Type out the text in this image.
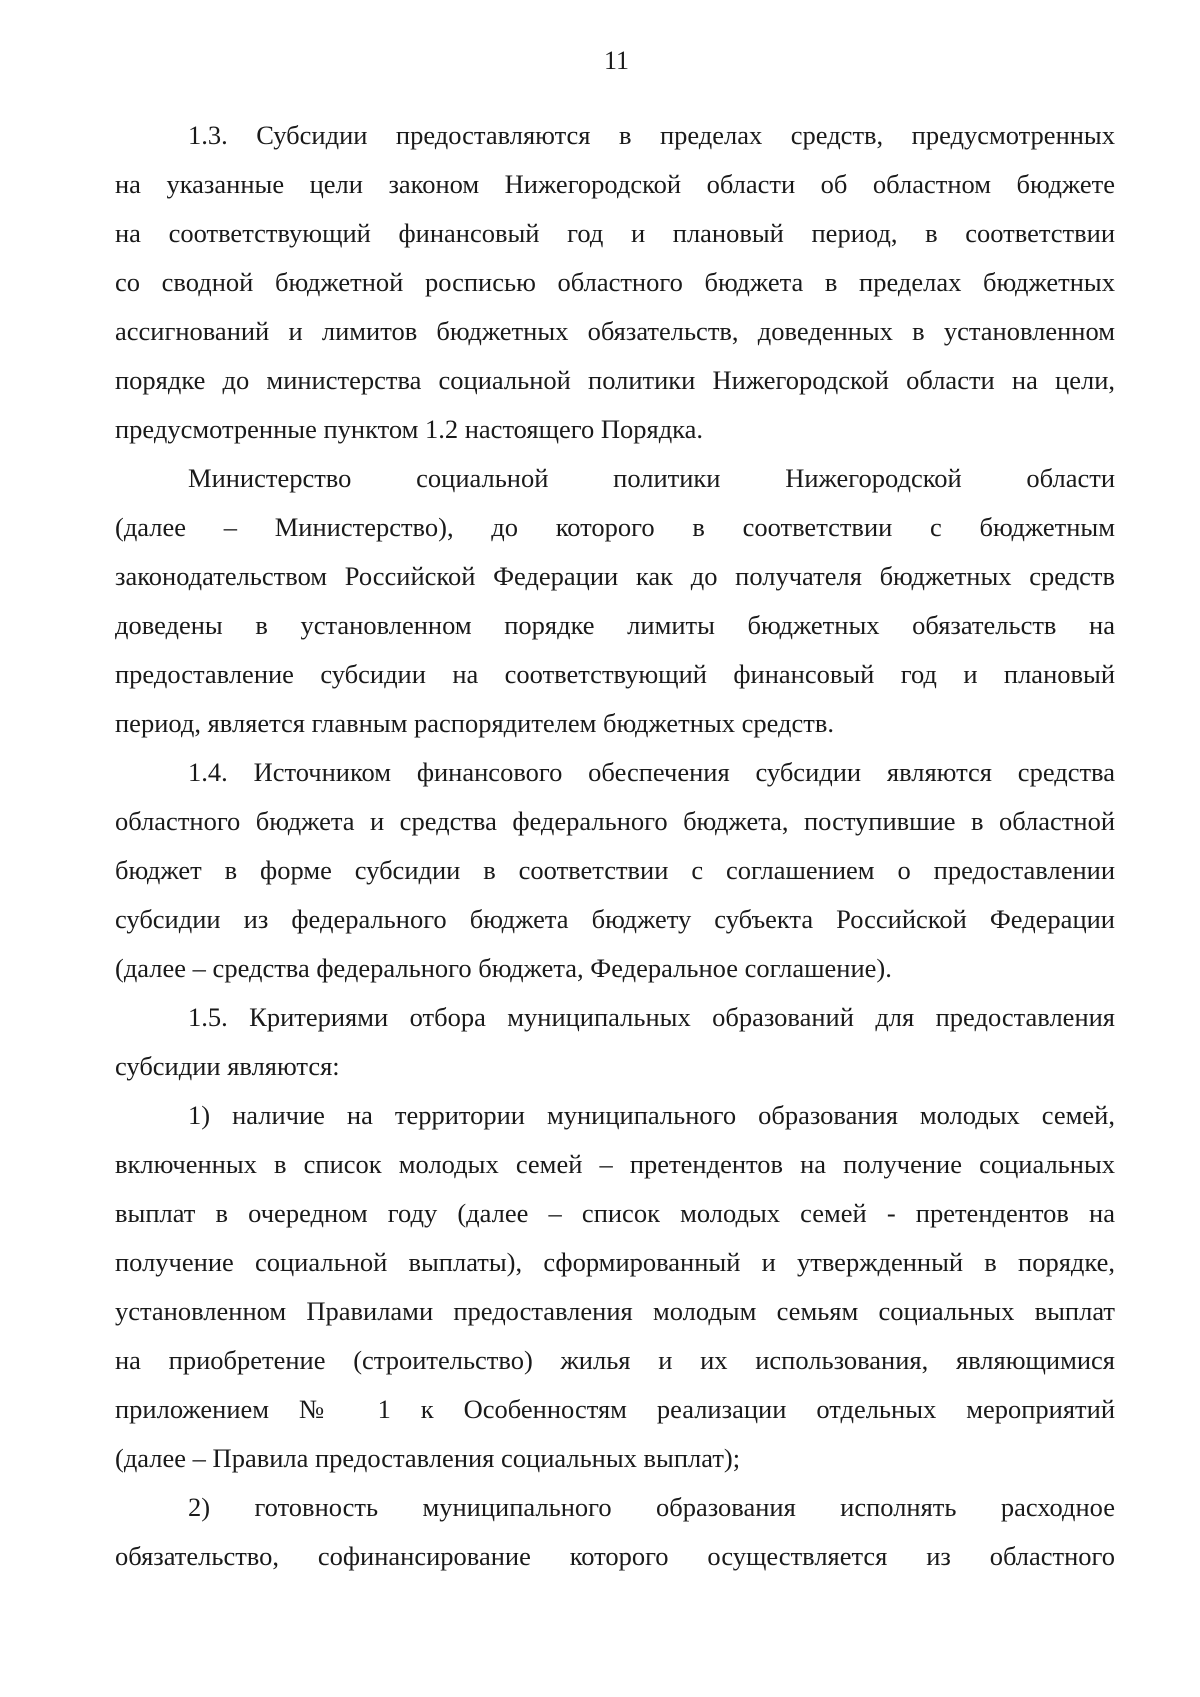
11
1.3. Субсидии предоставляются в пределах средств, предусмотренных
на указанные цели законом Нижегородской области об областном бюджете
на соответствующий финансовый год и плановый период, в соответствии
со сводной бюджетной росписью областного бюджета в пределах бюджетных
ассигнований и лимитов бюджетных обязательств, доведенных в установленном
порядке до министерства социальной политики Нижегородской области на цели,
предусмотренные пунктом 1.2 настоящего Порядка.
Министерство социальной политики Нижегородской области
(далее – Министерство), до которого в соответствии с бюджетным
законодательством Российской Федерации как до получателя бюджетных средств
доведены в установленном порядке лимиты бюджетных обязательств на
предоставление субсидии на соответствующий финансовый год и плановый
период, является главным распорядителем бюджетных средств.
1.4. Источником финансового обеспечения субсидии являются средства
областного бюджета и средства федерального бюджета, поступившие в областной
бюджет в форме субсидии в соответствии с соглашением о предоставлении
субсидии из федерального бюджета бюджету субъекта Российской Федерации
(далее – средства федерального бюджета, Федеральное соглашение).
1.5. Критериями отбора муниципальных образований для предоставления
субсидии являются:
1) наличие на территории муниципального образования молодых семей,
включенных в список молодых семей – претендентов на получение социальных
выплат в очередном году (далее – список молодых семей - претендентов на
получение социальной выплаты), сформированный и утвержденный в порядке,
установленном Правилами предоставления молодым семьям социальных выплат
на приобретение (строительство) жилья и их использования, являющимися
приложением № 1 к Особенностям реализации отдельных мероприятий
(далее – Правила предоставления социальных выплат);
2) готовность муниципального образования исполнять расходное
обязательство, софинансирование которого осуществляется из областного
